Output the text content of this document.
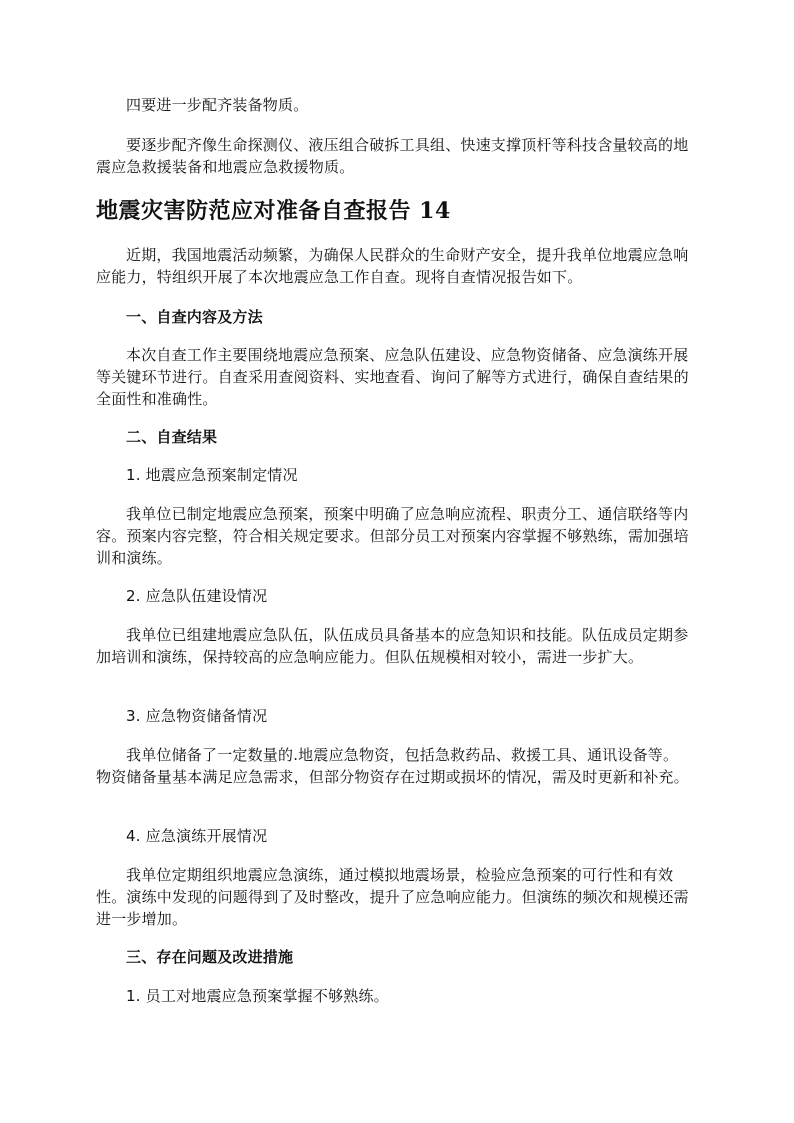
四要进一步配齐装备物质。

要逐步配齐像生命探测仪、液压组合破拆工具组、快速支撑顶杆等科技含量较高的地震应急救援装备和地震应急救援物质。

地震灾害防范应对准备自查报告 14

近期，我国地震活动频繁，为确保人民群众的生命财产安全，提升我单位地震应急响应能力，特组织开展了本次地震应急工作自查。现将自查情况报告如下。

一、自查内容及方法

本次自查工作主要围绕地震应急预案、应急队伍建设、应急物资储备、应急演练开展等关键环节进行。自查采用查阅资料、实地查看、询问了解等方式进行，确保自查结果的全面性和准确性。

二、自查结果

1. 地震应急预案制定情况

我单位已制定地震应急预案，预案中明确了应急响应流程、职责分工、通信联络等内容。预案内容完整，符合相关规定要求。但部分员工对预案内容掌握不够熟练，需加强培训和演练。

2. 应急队伍建设情况

我单位已组建地震应急队伍，队伍成员具备基本的应急知识和技能。队伍成员定期参加培训和演练，保持较高的应急响应能力。但队伍规模相对较小，需进一步扩大。

3. 应急物资储备情况

我单位储备了一定数量的.地震应急物资，包括急救药品、救援工具、通讯设备等。物资储备量基本满足应急需求，但部分物资存在过期或损坏的情况，需及时更新和补充。

4. 应急演练开展情况

我单位定期组织地震应急演练，通过模拟地震场景，检验应急预案的可行性和有效性。演练中发现的问题得到了及时整改，提升了应急响应能力。但演练的频次和规模还需进一步增加。

三、存在问题及改进措施

1. 员工对地震应急预案掌握不够熟练。
